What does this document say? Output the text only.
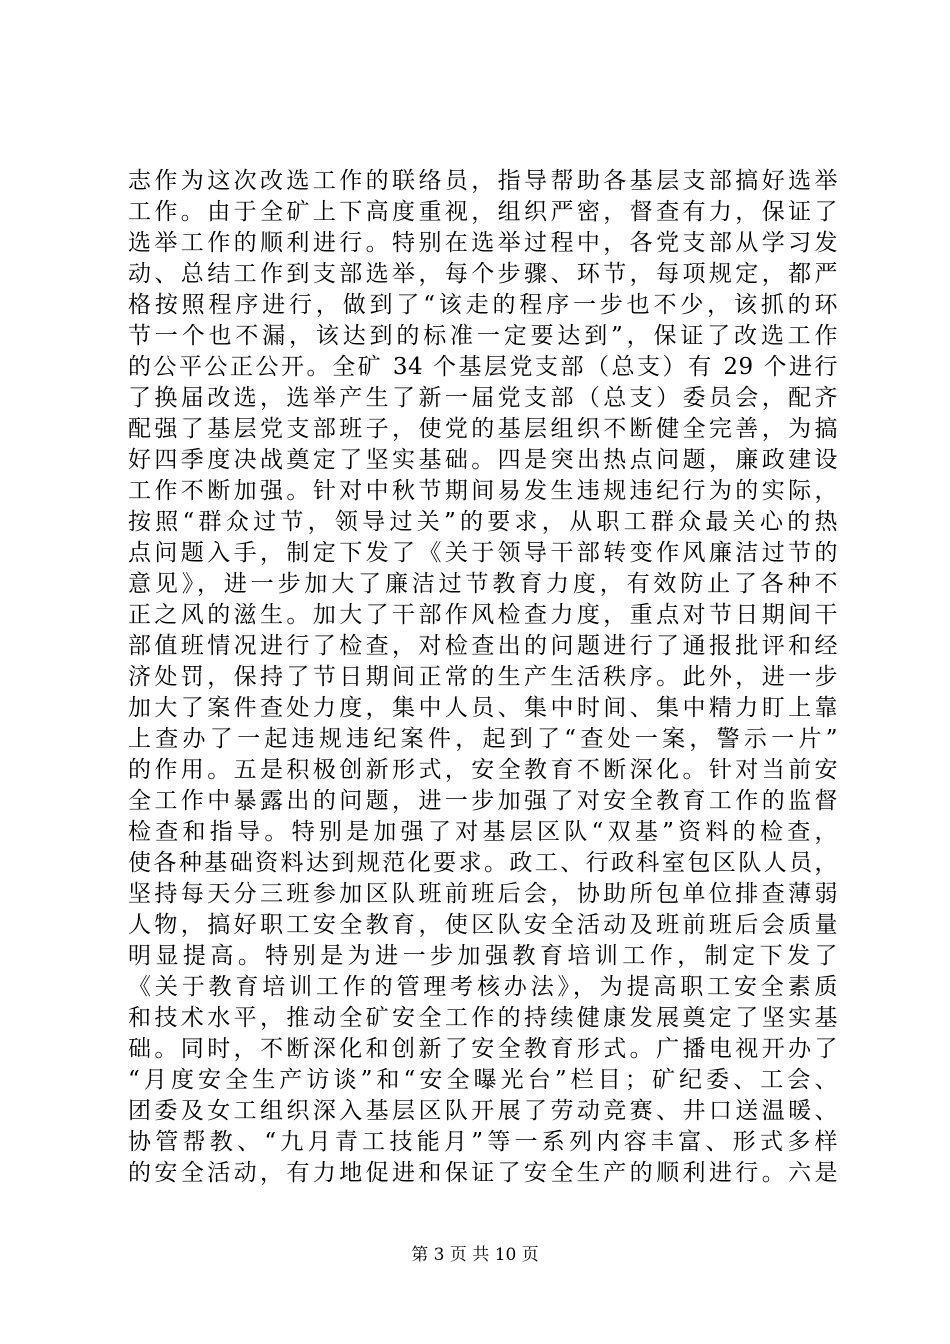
志作为这次改选工作的联络员，指导帮助各基层支部搞好选举
工作。由于全矿上下高度重视，组织严密，督查有力，保证了
选举工作的顺利进行。特别在选举过程中，各党支部从学习发
动、总结工作到支部选举，每个步骤、环节，每项规定，都严
格按照程序进行，做到了“该走的程序一步也不少，该抓的环
节一个也不漏，该达到的标准一定要达到”，保证了改选工作
的公平公正公开。全矿 34 个基层党支部（总支）有 29 个进行
了换届改选，选举产生了新一届党支部（总支）委员会，配齐
配强了基层党支部班子，使党的基层组织不断健全完善，为搞
好四季度决战奠定了坚实基础。四是突出热点问题，廉政建设
工作不断加强。针对中秋节期间易发生违规违纪行为的实际，
按照“群众过节，领导过关”的要求，从职工群众最关心的热
点问题入手，制定下发了《关于领导干部转变作风廉洁过节的
意见》，进一步加大了廉洁过节教育力度，有效防止了各种不
正之风的滋生。加大了干部作风检查力度，重点对节日期间干
部值班情况进行了检查，对检查出的问题进行了通报批评和经
济处罚，保持了节日期间正常的生产生活秩序。此外，进一步
加大了案件查处力度，集中人员、集中时间、集中精力盯上靠
上查办了一起违规违纪案件，起到了“查处一案，警示一片”
的作用。五是积极创新形式，安全教育不断深化。针对当前安
全工作中暴露出的问题，进一步加强了对安全教育工作的监督
检查和指导。特别是加强了对基层区队“双基”资料的检查，
使各种基础资料达到规范化要求。政工、行政科室包区队人员，
坚持每天分三班参加区队班前班后会，协助所包单位排查薄弱
人物，搞好职工安全教育，使区队安全活动及班前班后会质量
明显提高。特别是为进一步加强教育培训工作，制定下发了
《关于教育培训工作的管理考核办法》，为提高职工安全素质
和技术水平，推动全矿安全工作的持续健康发展奠定了坚实基
础。同时，不断深化和创新了安全教育形式。广播电视开办了
“月度安全生产访谈”和“安全曝光台”栏目；矿纪委、工会、
团委及女工组织深入基层区队开展了劳动竞赛、井口送温暖、
协管帮教、“九月青工技能月”等一系列内容丰富、形式多样
的安全活动，有力地促进和保证了安全生产的顺利进行。六是
第 3 页 共 10 页
